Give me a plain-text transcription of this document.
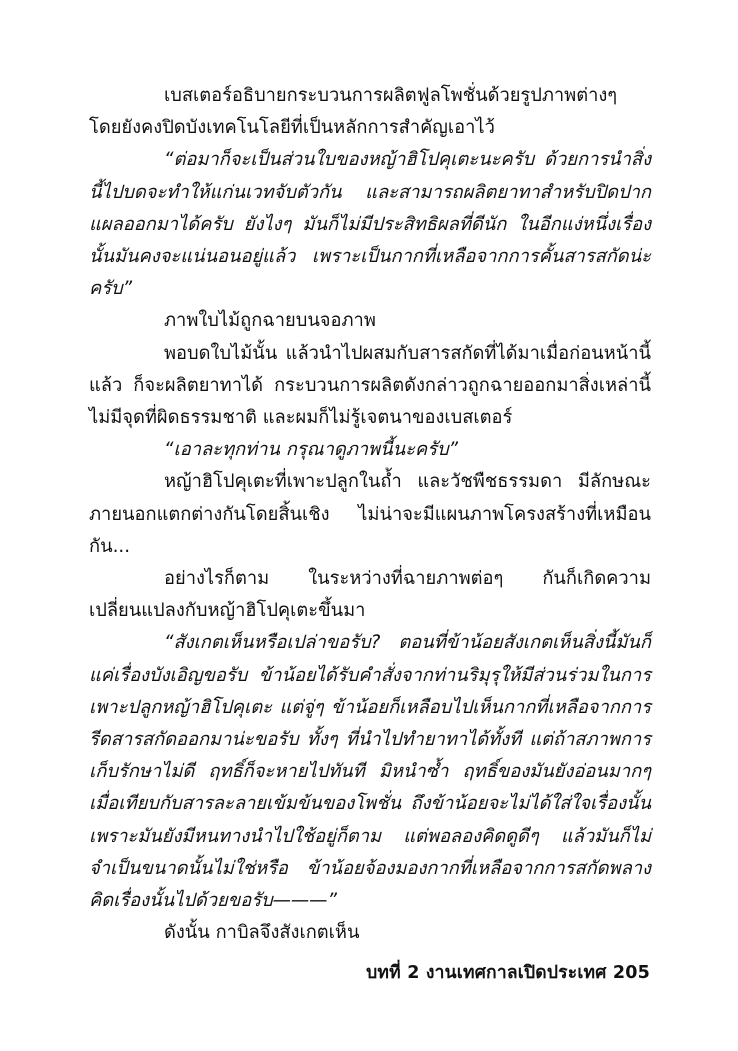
เบสเตอร์อธิบายกระบวนการผลิตฟูลโพชั่นด้วยรูปภาพต่างๆ โดยยังคงปิดบังเทคโนโลยีที่เป็นหลักการสำคัญเอาไว้

“ต่อมาก็จะเป็นส่วนใบของหญ้าฮิโปคุเตะนะครับ ด้วยการนำสิ่งนี้ไปบดจะทำให้แก่นเวทจับตัวกัน และสามารถผลิตยาทาสำหรับปิดปากแผลออกมาได้ครับ ยังไงๆ มันก็ไม่มีประสิทธิผลที่ดีนัก ในอีกแง่หนึ่งเรื่องนั้นมันคงจะแน่นอนอยู่แล้ว เพราะเป็นกากที่เหลือจากการคั้นสารสกัดน่ะครับ”

ภาพใบไม้ถูกฉายบนจอภาพ

พอบดใบไม้นั้น แล้วนำไปผสมกับสารสกัดที่ได้มาเมื่อก่อนหน้านี้แล้ว ก็จะผลิตยาทาได้ กระบวนการผลิตดังกล่าวถูกฉายออกมาสิ่งเหล่านี้ไม่มีจุดที่ผิดธรรมชาติ และผมก็ไม่รู้เจตนาของเบสเตอร์

“เอาละทุกท่าน กรุณาดูภาพนี้นะครับ”

หญ้าฮิโปคุเตะที่เพาะปลูกในถ้ำ และวัชพืชธรรมดา มีลักษณะภายนอกแตกต่างกันโดยสิ้นเชิง ไม่น่าจะมีแผนภาพโครงสร้างที่เหมือนกัน...

อย่างไรก็ตาม ในระหว่างที่ฉายภาพต่อๆ กันก็เกิดความเปลี่ยนแปลงกับหญ้าฮิโปคุเตะขึ้นมา

“สังเกตเห็นหรือเปล่าขอรับ? ตอนที่ข้าน้อยสังเกตเห็นสิ่งนี้มันก็แค่เรื่องบังเอิญขอรับ ข้าน้อยได้รับคำสั่งจากท่านริมุรุให้มีส่วนร่วมในการเพาะปลูกหญ้าฮิโปคุเตะ แต่จู่ๆ ข้าน้อยก็เหลือบไปเห็นกากที่เหลือจากการรีดสารสกัดออกมาน่ะขอรับ ทั้งๆ ที่นำไปทำยาทาได้ทั้งที แต่ถ้าสภาพการเก็บรักษาไม่ดี ฤทธิ์ก็จะหายไปทันที มิหนำซ้ำ ฤทธิ์ของมันยังอ่อนมากๆ เมื่อเทียบกับสารละลายเข้มข้นของโพชั่น ถึงข้าน้อยจะไม่ได้ใส่ใจเรื่องนั้นเพราะมันยังมีหนทางนำไปใช้อยู่ก็ตาม แต่พอลองคิดดูดีๆ แล้วมันก็ไม่จำเป็นขนาดนั้นไม่ใช่หรือ ข้าน้อยจ้องมองกากที่เหลือจากการสกัดพลางคิดเรื่องนั้นไปด้วยขอรับ———”

ดังนั้น กาบิลจึงสังเกตเห็น

บทที่ 2 งานเทศกาลเปิดประเทศ 205
